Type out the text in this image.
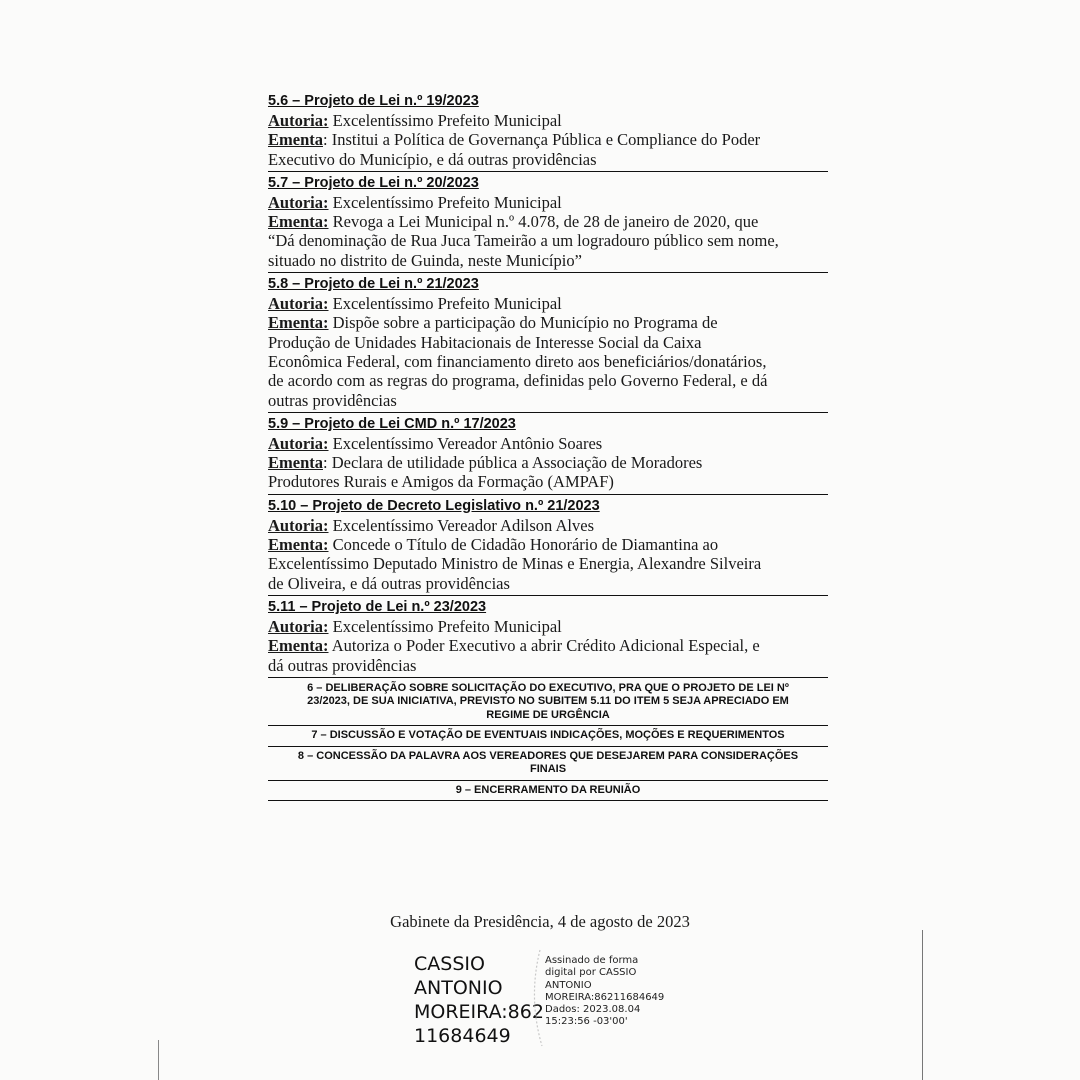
5.6 – Projeto de Lei n.º 19/2023
Autoria: Excelentíssimo Prefeito Municipal
Ementa: Institui a Política de Governança Pública e Compliance do Poder
Executivo do Município, e dá outras providências
5.7 – Projeto de Lei n.º 20/2023
Autoria: Excelentíssimo Prefeito Municipal
Ementa: Revoga a Lei Municipal n.º 4.078, de 28 de janeiro de 2020, que
“Dá denominação de Rua Juca Tameirão a um logradouro público sem nome,
situado no distrito de Guinda, neste Município”
5.8 – Projeto de Lei n.º 21/2023
Autoria: Excelentíssimo Prefeito Municipal
Ementa: Dispõe sobre a participação do Município no Programa de
Produção de Unidades Habitacionais de Interesse Social da Caixa
Econômica Federal, com financiamento direto aos beneficiários/donatários,
de acordo com as regras do programa, definidas pelo Governo Federal, e dá
outras providências
5.9 – Projeto de Lei CMD n.º 17/2023
Autoria: Excelentíssimo Vereador Antônio Soares
Ementa: Declara de utilidade pública a Associação de Moradores
Produtores Rurais e Amigos da Formação (AMPAF)
5.10 – Projeto de Decreto Legislativo n.º 21/2023
Autoria: Excelentíssimo Vereador Adilson Alves
Ementa: Concede o Título de Cidadão Honorário de Diamantina ao
Excelentíssimo Deputado Ministro de Minas e Energia, Alexandre Silveira
de Oliveira, e dá outras providências
5.11 – Projeto de Lei n.º 23/2023
Autoria: Excelentíssimo Prefeito Municipal
Ementa: Autoriza o Poder Executivo a abrir Crédito Adicional Especial, e
dá outras providências
6 – DELIBERAÇÃO SOBRE SOLICITAÇÃO DO EXECUTIVO, PRA QUE O PROJETO DE LEI Nº
23/2023, DE SUA INICIATIVA, PREVISTO NO SUBITEM 5.11 DO ITEM 5 SEJA APRECIADO EM
REGIME DE URGÊNCIA
7 – DISCUSSÃO E VOTAÇÃO DE EVENTUAIS INDICAÇÕES, MOÇÕES E REQUERIMENTOS
8 – CONCESSÃO DA PALAVRA AOS VEREADORES QUE DESEJAREM PARA CONSIDERAÇÕES
FINAIS
9 – ENCERRAMENTO DA REUNIÃO
Gabinete da Presidência, 4 de agosto de 2023
CASSIO
ANTONIO
MOREIRA:862
11684649
Assinado de forma
digital por CASSIO
ANTONIO
MOREIRA:86211684649
Dados: 2023.08.04
15:23:56 -03'00'
